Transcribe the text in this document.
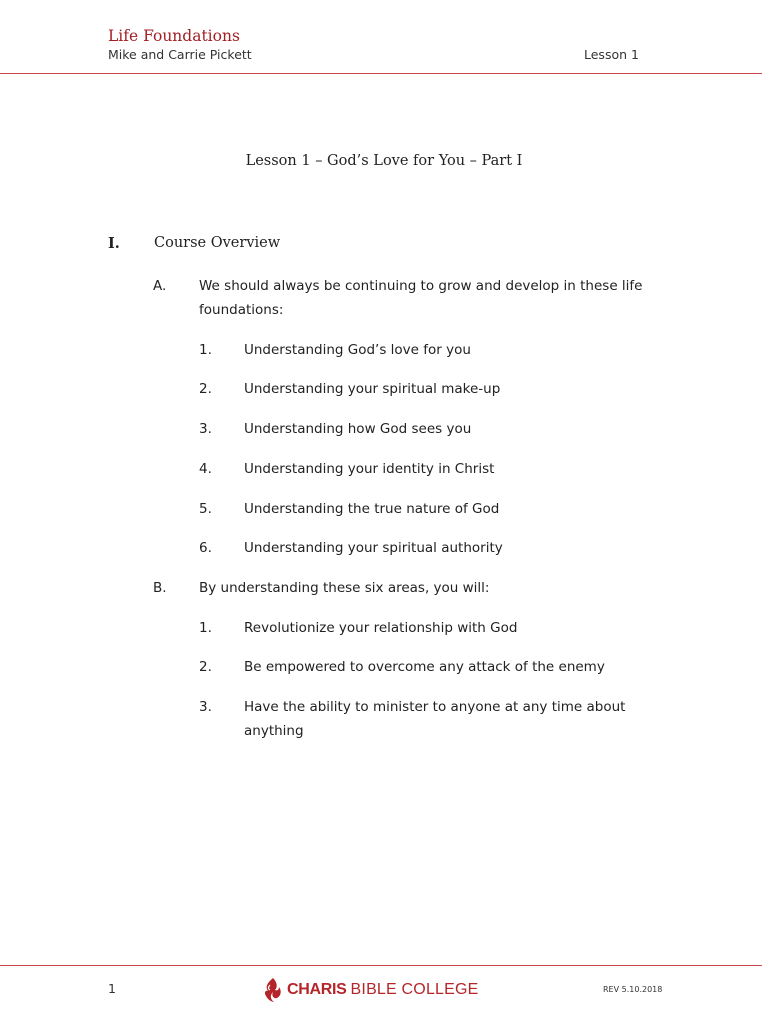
Life Foundations
Mike and Carrie Pickett	Lesson 1
Lesson 1 – God’s Love for You – Part I
I. Course Overview
A. We should always be continuing to grow and develop in these life
foundations:
1. Understanding God’s love for you
2. Understanding your spiritual make-up
3. Understanding how God sees you
4. Understanding your identity in Christ
5. Understanding the true nature of God
6. Understanding your spiritual authority
B. By understanding these six areas, you will:
1. Revolutionize your relationship with God
2. Be empowered to overcome any attack of the enemy
3. Have the ability to minister to anyone at any time about
anything
1	CHARIS BIBLE COLLEGE	REV 5.10.2018
